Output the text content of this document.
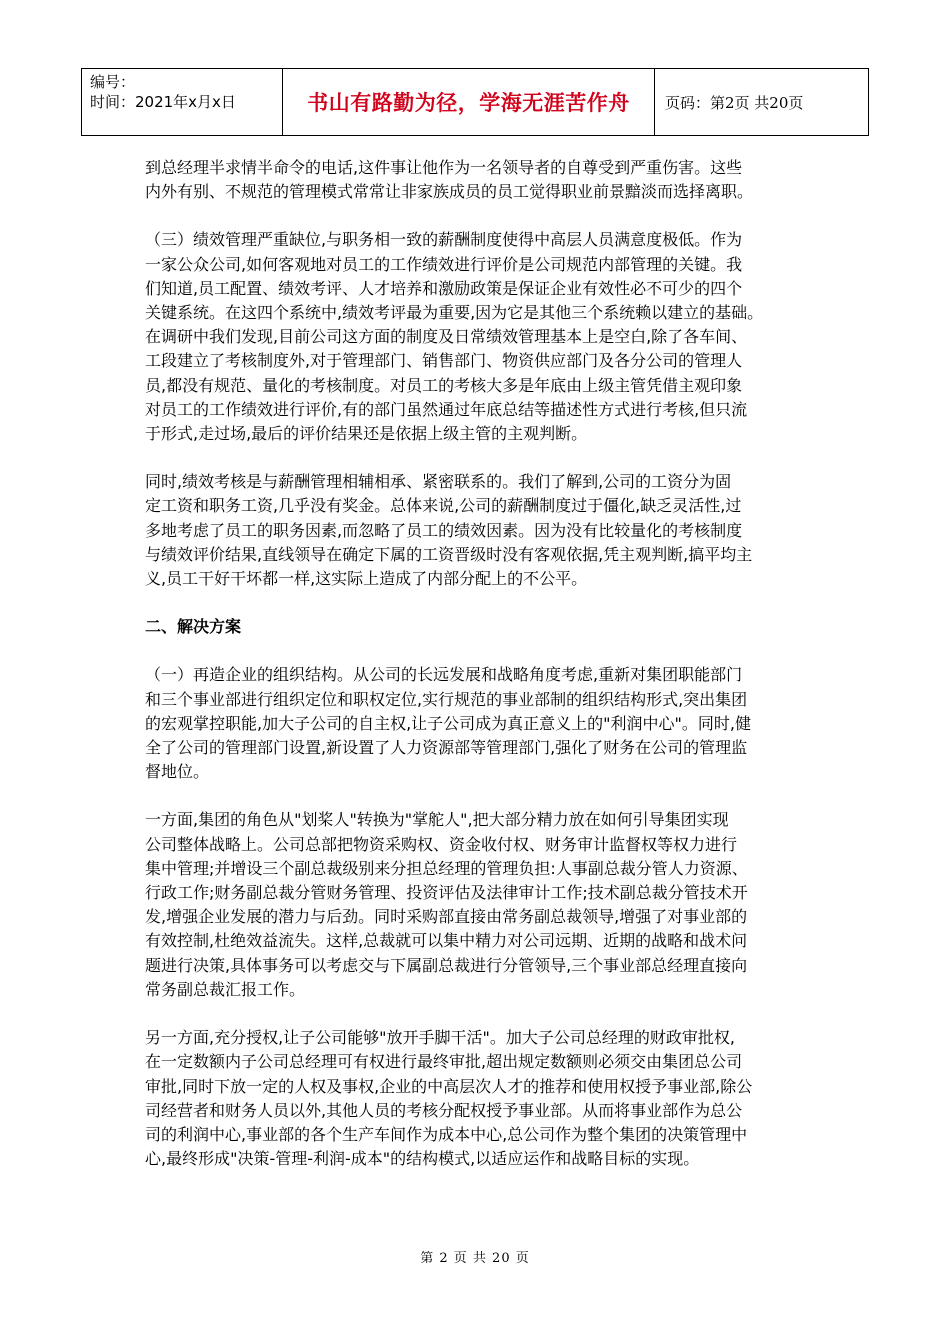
编号：
时间：2021年x月x日	书山有路勤为径，学海无涯苦作舟	页码：第2页 共20页

到总经理半求情半命令的电话,这件事让他作为一名领导者的自尊受到严重伤害。这些

内外有别、不规范的管理模式常常让非家族成员的员工觉得职业前景黯淡而选择离职。

（三）绩效管理严重缺位,与职务相一致的薪酬制度使得中高层人员满意度极低。作为

一家公众公司,如何客观地对员工的工作绩效进行评价是公司规范内部管理的关键。我

们知道,员工配置、绩效考评、人才培养和激励政策是保证企业有效性必不可少的四个

关键系统。在这四个系统中,绩效考评最为重要,因为它是其他三个系统赖以建立的基础。

在调研中我们发现,目前公司这方面的制度及日常绩效管理基本上是空白,除了各车间、

工段建立了考核制度外,对于管理部门、销售部门、物资供应部门及各分公司的管理人

员,都没有规范、量化的考核制度。对员工的考核大多是年底由上级主管凭借主观印象

对员工的工作绩效进行评价,有的部门虽然通过年底总结等描述性方式进行考核,但只流

于形式,走过场,最后的评价结果还是依据上级主管的主观判断。

同时,绩效考核是与薪酬管理相辅相承、紧密联系的。我们了解到,公司的工资分为固

定工资和职务工资,几乎没有奖金。总体来说,公司的薪酬制度过于僵化,缺乏灵活性,过

多地考虑了员工的职务因素,而忽略了员工的绩效因素。因为没有比较量化的考核制度

与绩效评价结果,直线领导在确定下属的工资晋级时没有客观依据,凭主观判断,搞平均主

义,员工干好干坏都一样,这实际上造成了内部分配上的不公平。

二、解决方案

（一）再造企业的组织结构。从公司的长远发展和战略角度考虑,重新对集团职能部门

和三个事业部进行组织定位和职权定位,实行规范的事业部制的组织结构形式,突出集团

的宏观掌控职能,加大子公司的自主权,让子公司成为真正意义上的"利润中心"。同时,健

全了公司的管理部门设置,新设置了人力资源部等管理部门,强化了财务在公司的管理监

督地位。

一方面,集团的角色从"划桨人"转换为"掌舵人",把大部分精力放在如何引导集团实现

公司整体战略上。公司总部把物资采购权、资金收付权、财务审计监督权等权力进行

集中管理;并增设三个副总裁级别来分担总经理的管理负担:人事副总裁分管人力资源、

行政工作;财务副总裁分管财务管理、投资评估及法律审计工作;技术副总裁分管技术开

发,增强企业发展的潜力与后劲。同时采购部直接由常务副总裁领导,增强了对事业部的

有效控制,杜绝效益流失。这样,总裁就可以集中精力对公司远期、近期的战略和战术问

题进行决策,具体事务可以考虑交与下属副总裁进行分管领导,三个事业部总经理直接向

常务副总裁汇报工作。

另一方面,充分授权,让子公司能够"放开手脚干活"。加大子公司总经理的财政审批权,

在一定数额内子公司总经理可有权进行最终审批,超出规定数额则必须交由集团总公司

审批,同时下放一定的人权及事权,企业的中高层次人才的推荐和使用权授予事业部,除公

司经营者和财务人员以外,其他人员的考核分配权授予事业部。从而将事业部作为总公

司的利润中心,事业部的各个生产车间作为成本中心,总公司作为整个集团的决策管理中

心,最终形成"决策-管理-利润-成本"的结构模式,以适应运作和战略目标的实现。

第 2 页 共 20 页
